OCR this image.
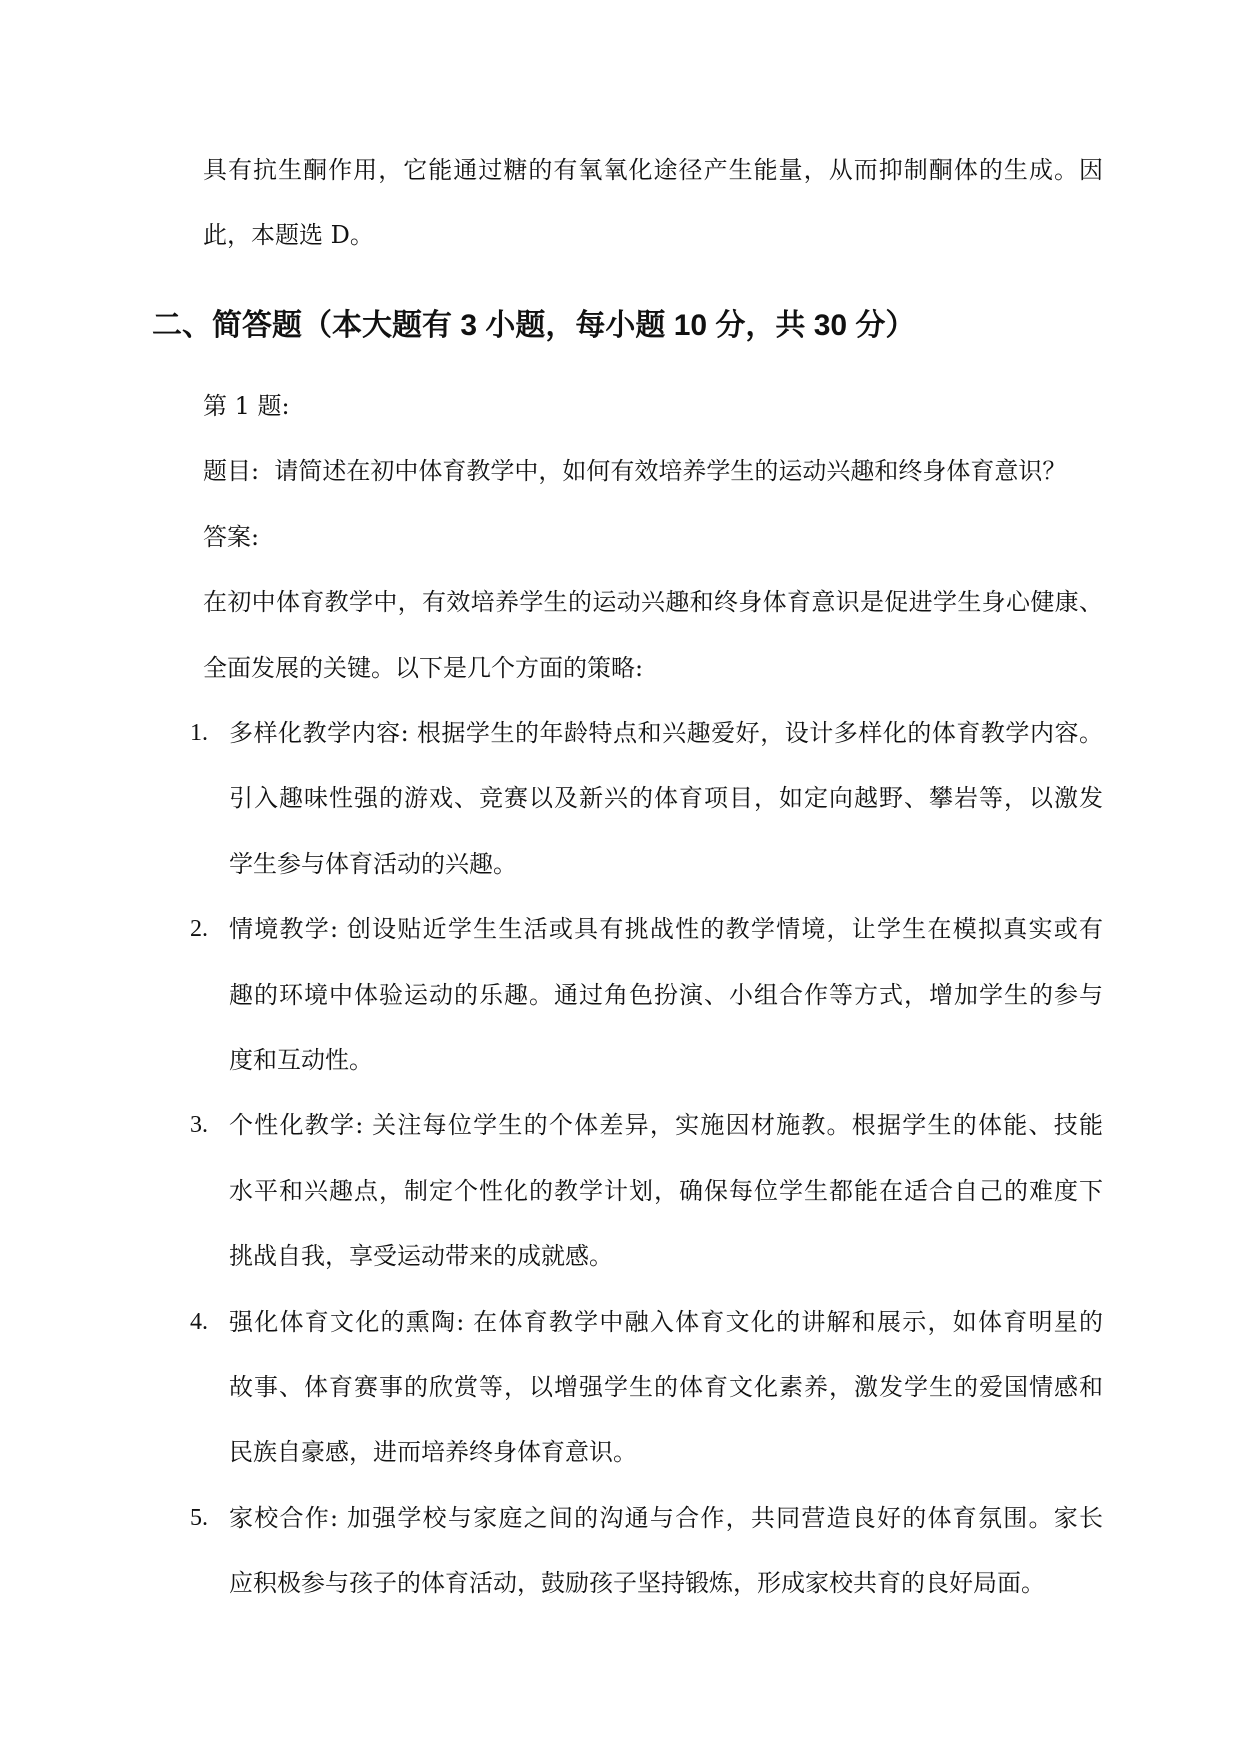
具有抗生酮作用，它能通过糖的有氧氧化途径产生能量，从而抑制酮体的生成。因
此，本题选 D。
二、简答题（本大题有 3 小题，每小题 10 分，共 30 分）
第 1 题:
题目:  请简述在初中体育教学中，如何有效培养学生的运动兴趣和终身体育意识？
答案:
在初中体育教学中，有效培养学生的运动兴趣和终身体育意识是促进学生身心健康、
全面发展的关键。以下是几个方面的策略:
1. 多样化教学内容: 根据学生的年龄特点和兴趣爱好，设计多样化的体育教学内容。
引入趣味性强的游戏、竞赛以及新兴的体育项目，如定向越野、攀岩等，以激发
学生参与体育活动的兴趣。
2. 情境教学: 创设贴近学生生活或具有挑战性的教学情境，让学生在模拟真实或有
趣的环境中体验运动的乐趣。通过角色扮演、小组合作等方式，增加学生的参与
度和互动性。
3. 个性化教学: 关注每位学生的个体差异，实施因材施教。根据学生的体能、技能
水平和兴趣点，制定个性化的教学计划，确保每位学生都能在适合自己的难度下
挑战自我，享受运动带来的成就感。
4. 强化体育文化的熏陶: 在体育教学中融入体育文化的讲解和展示，如体育明星的
故事、体育赛事的欣赏等，以增强学生的体育文化素养，激发学生的爱国情感和
民族自豪感，进而培养终身体育意识。
5. 家校合作: 加强学校与家庭之间的沟通与合作，共同营造良好的体育氛围。家长
应积极参与孩子的体育活动，鼓励孩子坚持锻炼，形成家校共育的良好局面。
